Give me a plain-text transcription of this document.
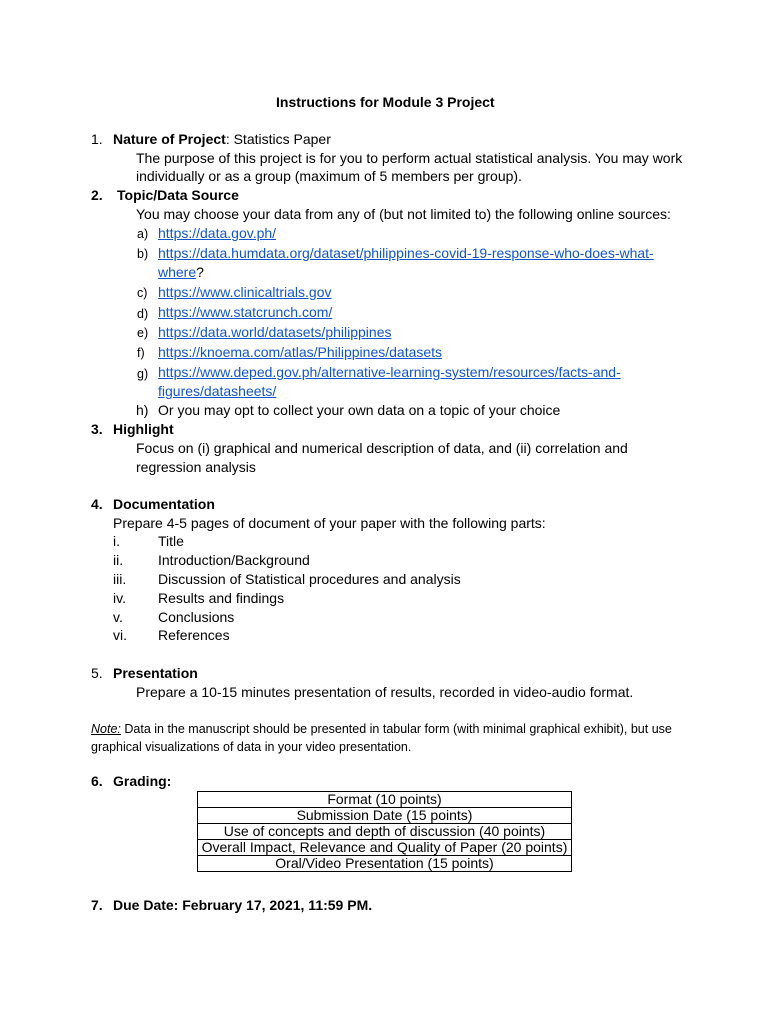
Instructions for Module 3 Project
1. Nature of Project: Statistics Paper
The purpose of this project is for you to perform actual statistical analysis. You may work
individually or as a group (maximum of 5 members per group).
2. Topic/Data Source
You may choose your data from any of (but not limited to) the following online sources:
a) https://data.gov.ph/
b) https://data.humdata.org/dataset/philippines-covid-19-response-who-does-what-
where?
c) https://www.clinicaltrials.gov
d) https://www.statcrunch.com/
e) https://data.world/datasets/philippines
f) https://knoema.com/atlas/Philippines/datasets
g) https://www.deped.gov.ph/alternative-learning-system/resources/facts-and-
figures/datasheets/
h) Or you may opt to collect your own data on a topic of your choice
3. Highlight
Focus on (i) graphical and numerical description of data, and (ii) correlation and
regression analysis
4. Documentation
Prepare 4-5 pages of document of your paper with the following parts:
i.	Title
ii. Introduction/Background
iii. Discussion of Statistical procedures and analysis
iv. Results and findings
v.	Conclusions
vi. References
5. Presentation
Prepare a 10-15 minutes presentation of results, recorded in video-audio format.
Note: Data in the manuscript should be presented in tabular form (with minimal graphical exhibit), but use
graphical visualizations of data in your video presentation.
6. Grading:
Format (10 points)
Submission Date (15 points)
Use of concepts and depth of discussion (40 points)
Overall Impact, Relevance and Quality of Paper (20 points)
Oral/Video Presentation (15 points)
7. Due Date: February 17, 2021, 11:59 PM.
